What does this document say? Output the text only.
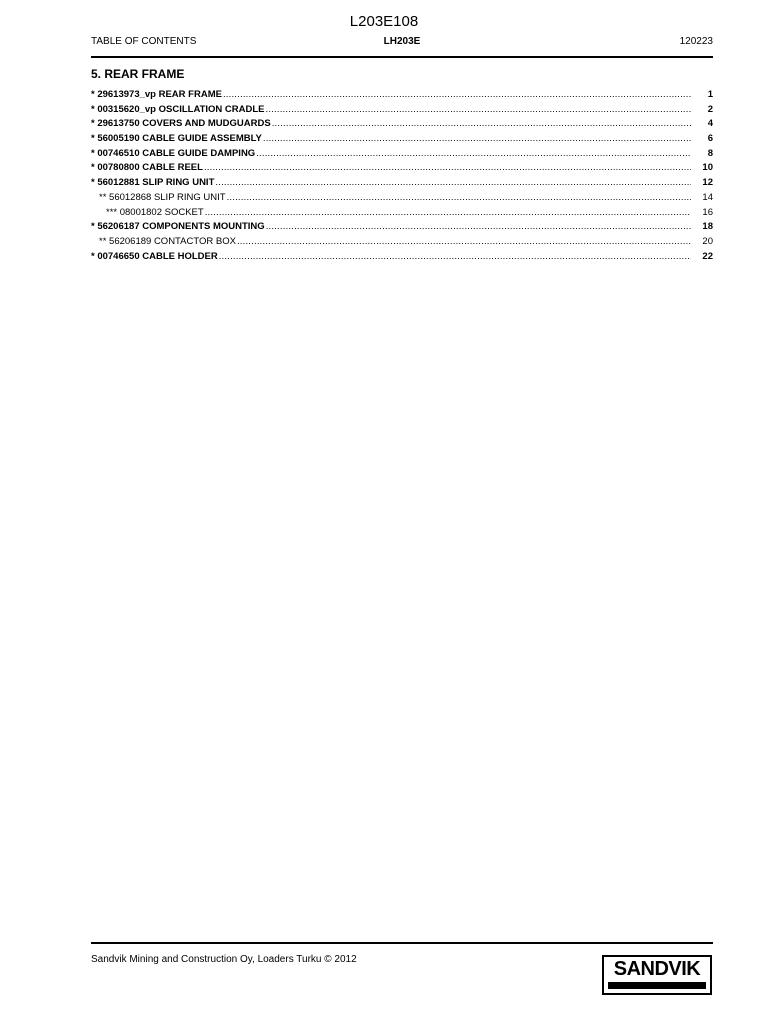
L203E108
TABLE OF CONTENTS	LH203E	120223
5. REAR FRAME
* 29613973_vp REAR FRAME .....	1
* 00315620_vp OSCILLATION CRADLE .....	2
* 29613750 COVERS AND MUDGUARDS .....	4
* 56005190 CABLE GUIDE ASSEMBLY .....	6
* 00746510 CABLE GUIDE DAMPING .....	8
* 00780800 CABLE REEL .....	10
* 56012881 SLIP RING UNIT .....	12
** 56012868 SLIP RING UNIT .....	14
*** 08001802 SOCKET .....	16
* 56206187 COMPONENTS MOUNTING .....	18
** 56206189 CONTACTOR BOX .....	20
* 00746650 CABLE HOLDER .....	22
Sandvik Mining and Construction Oy, Loaders Turku © 2012	SANDVIK
